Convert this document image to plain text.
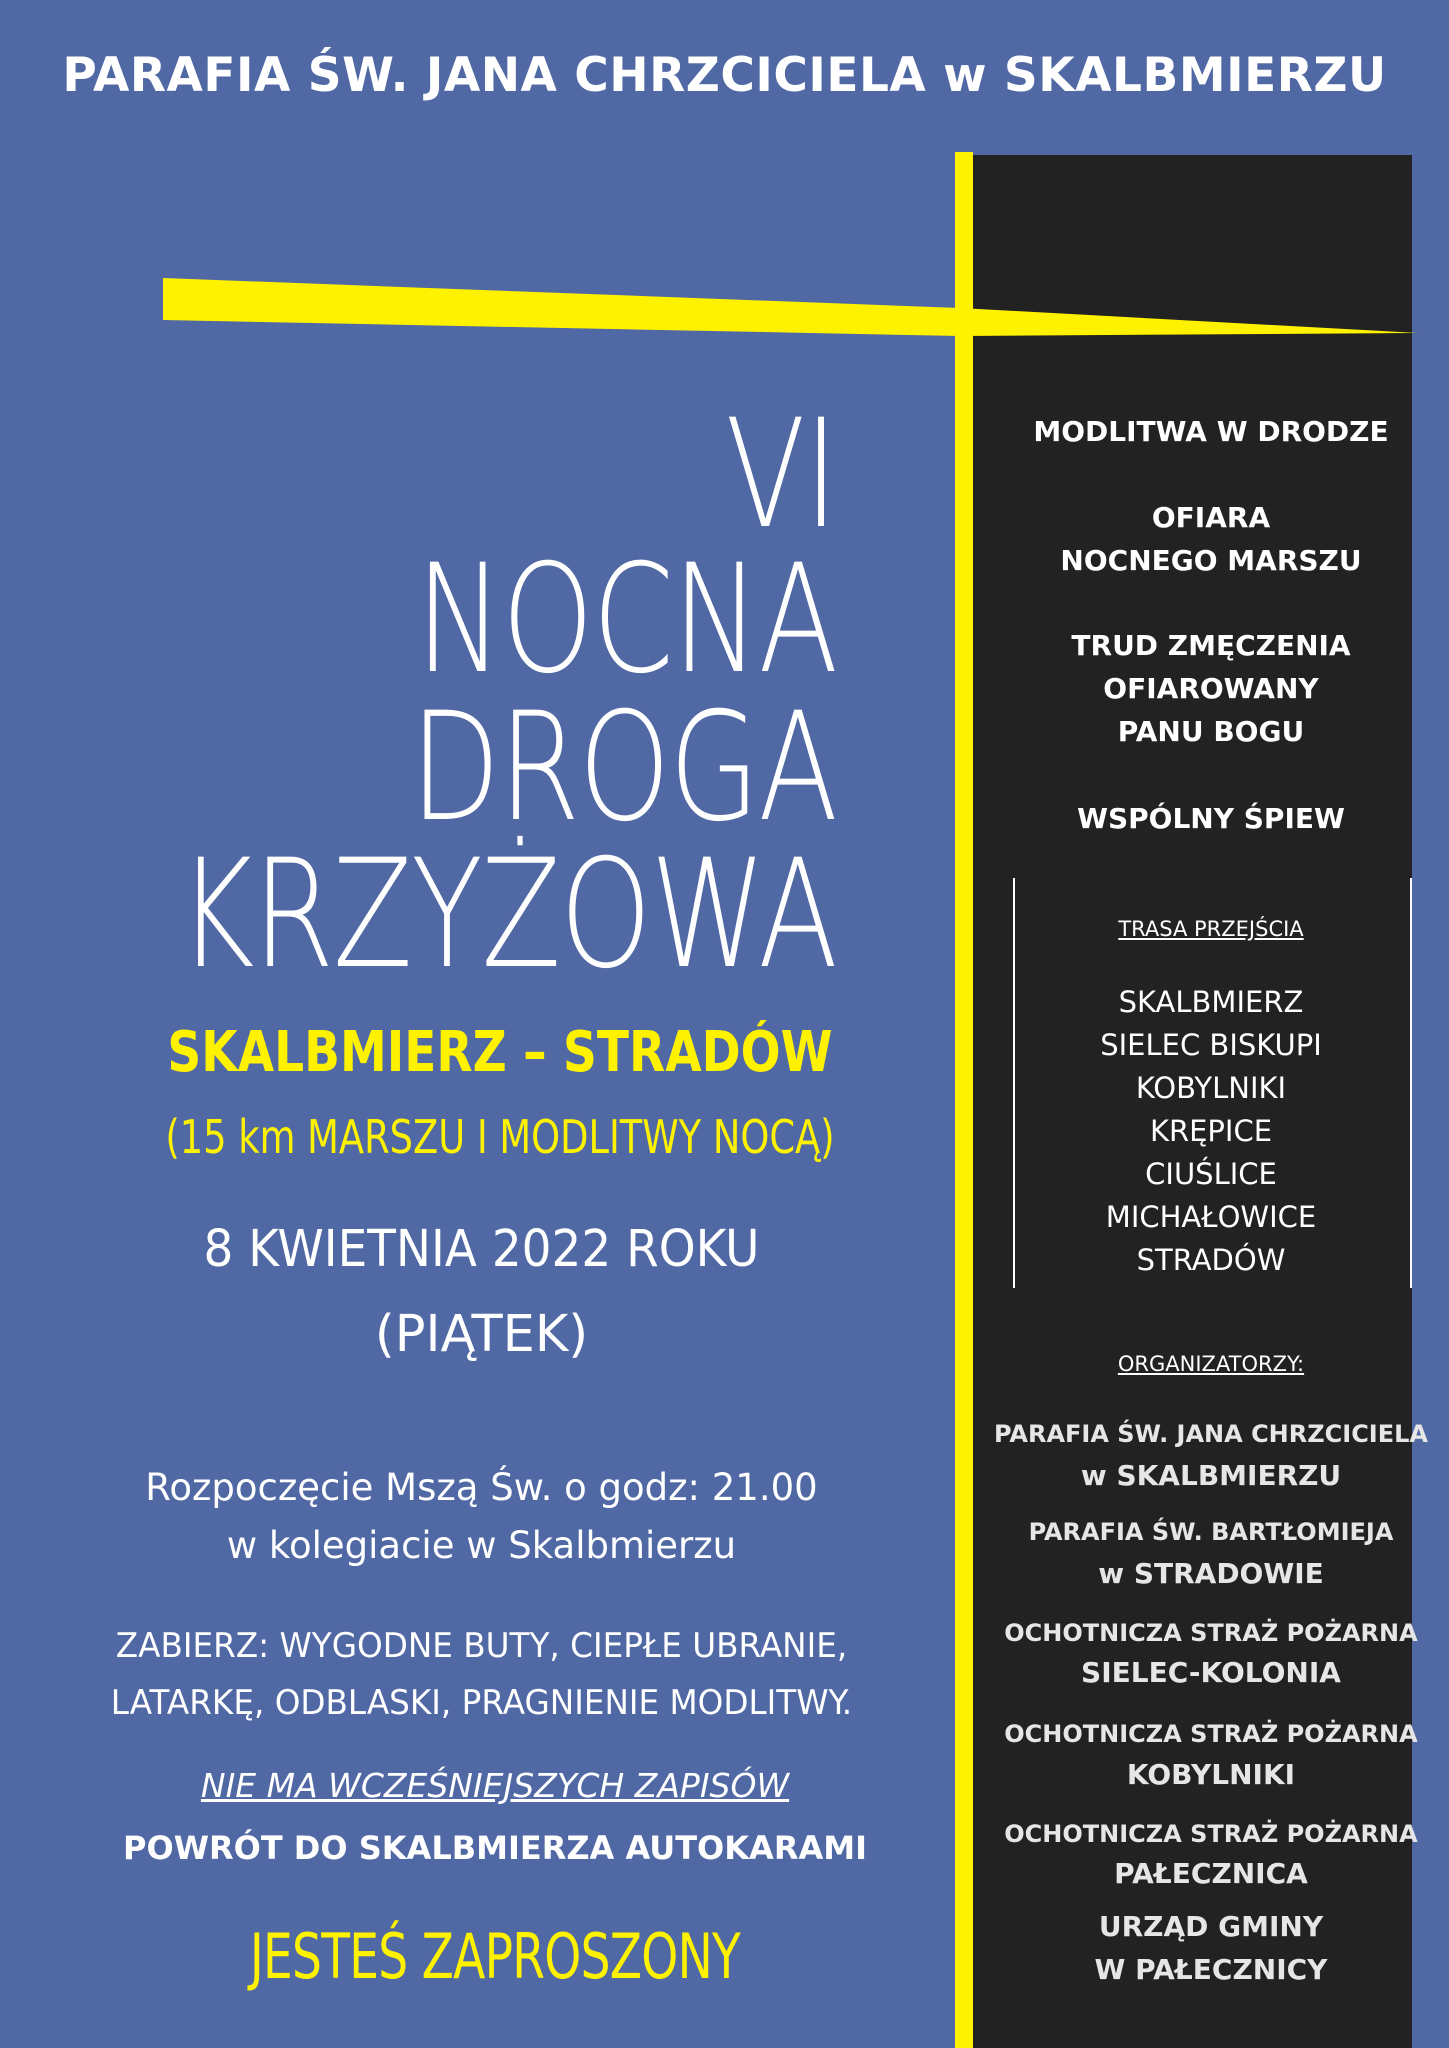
PARAFIA ŚW. JANA CHRZCICIELA w SKALBMIERZU
VI
NOCNA
DROGA
KRZYŻOWA
SKALBMIERZ – STRADÓW
(15 km MARSZU I MODLITWY NOCĄ)
8 KWIETNIA 2022 ROKU
(PIĄTEK)
Rozpoczęcie Mszą Św. o godz: 21.00
w kolegiacie w Skalbmierzu
ZABIERZ: WYGODNE BUTY, CIEPŁE UBRANIE,
LATARKĘ, ODBLASKI, PRAGNIENIE MODLITWY.
NIE MA WCZEŚNIEJSZYCH ZAPISÓW
POWRÓT DO SKALBMIERZA AUTOKARAMI
JESTEŚ ZAPROSZONY
MODLITWA W DRODZE
OFIARA
NOCNEGO MARSZU
TRUD ZMĘCZENIA
OFIAROWANY
PANU BOGU
WSPÓLNY ŚPIEW
TRASA PRZEJŚCIA
SKALBMIERZ
SIELEC BISKUPI
KOBYLNIKI
KRĘPICE
CIUŚLICE
MICHAŁOWICE
STRADÓW
ORGANIZATORZY:
PARAFIA ŚW. JANA CHRZCICIELA
w SKALBMIERZU
PARAFIA ŚW. BARTŁOMIEJA
w STRADOWIE
OCHOTNICZA STRAŻ POŻARNA
SIELEC-KOLONIA
OCHOTNICZA STRAŻ POŻARNA
KOBYLNIKI
OCHOTNICZA STRAŻ POŻARNA
PAŁECZNICA
URZĄD GMINY
W PAŁECZNICY
